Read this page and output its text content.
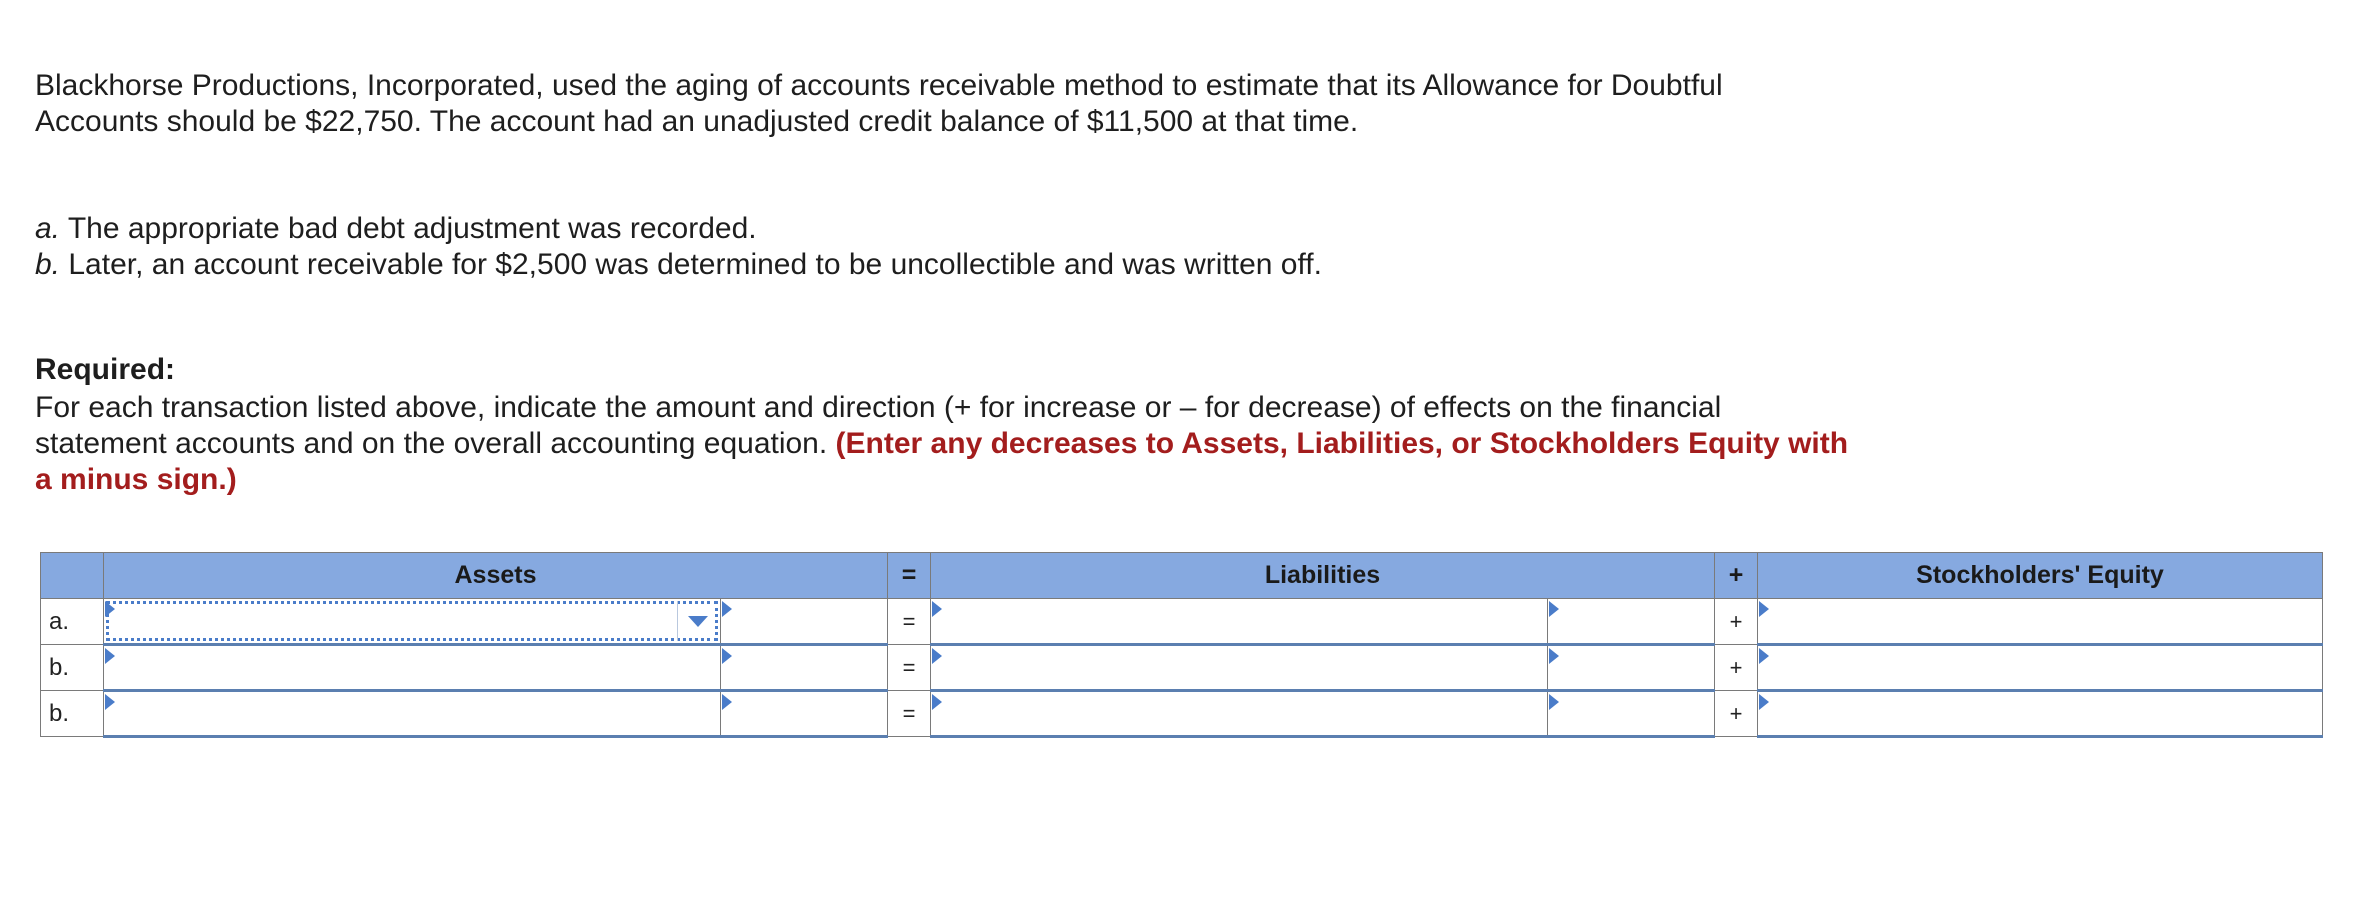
Blackhorse Productions, Incorporated, used the aging of accounts receivable method to estimate that its Allowance for Doubtful
Accounts should be $22,750. The account had an unadjusted credit balance of $11,500 at that time.

a. The appropriate bad debt adjustment was recorded.

b. Later, an account receivable for $2,500 was determined to be uncollectible and was written off.

Required:

For each transaction listed above, indicate the amount and direction (+ for increase or – for decrease) of effects on the financial

statement accounts and on the overall accounting equation. (Enter any decreases to Assets, Liabilities, or Stockholders Equity with

a minus sign.)

	Assets		=	Liabilities		+	Stockholders' Equity
a.			=			+	
b.			=			+	
b.			=			+	
